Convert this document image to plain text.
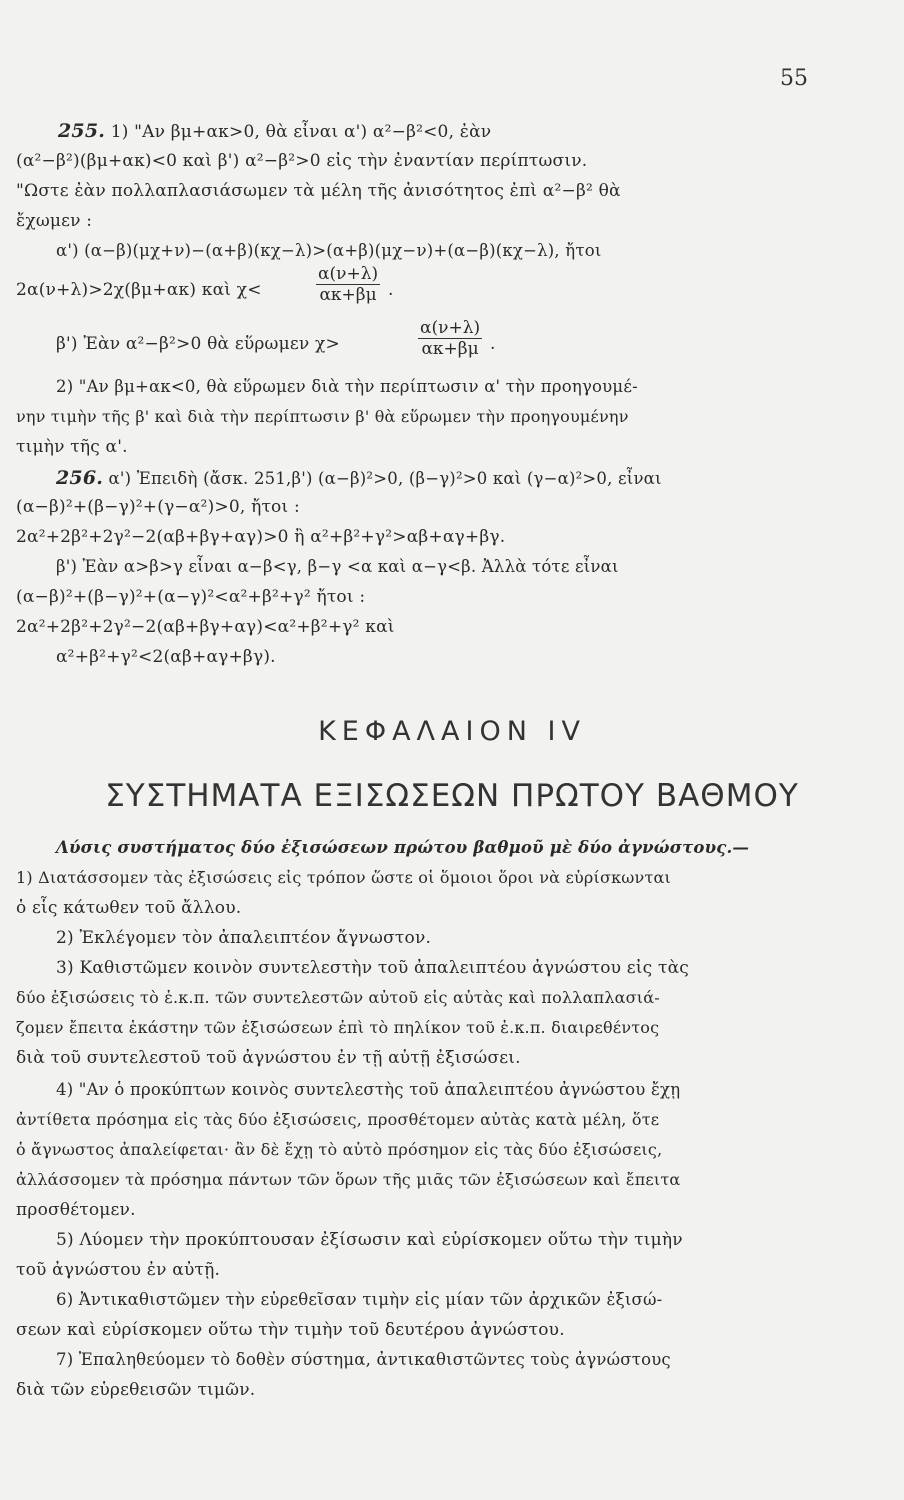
55
255. 1) "Αν βμ+ακ>0, θὰ εἶναι α') α²−β²<0, ἐὰν
(α²−β²)(βμ+ακ)<0 καὶ β') α²−β²>0 εἰς τὴν ἐναντίαν περίπτωσιν.
"Ωστε ἐὰν πολλαπλασιάσωμεν τὰ μέλη τῆς ἀνισότητος ἐπὶ α²−β² θὰ
ἔχωμεν :
α') (α−β)(μχ+ν)−(α+β)(κχ−λ)>(α+β)(μχ−ν)+(α−β)(κχ−λ), ἤτοι
2α(ν+λ)>2χ(βμ+ακ) καὶ χ<	$\frac{\alpha(\nu+\lambda)}{\alpha\kappa+\beta\mu}$ .
β') Ἐὰν α²−β²>0 θὰ εὕρωμεν χ>	$\frac{\alpha(\nu+\lambda)}{\alpha\kappa+\beta\mu}$ .
2) "Αν βμ+ακ<0, θὰ εὕρωμεν διὰ τὴν περίπτωσιν α' τὴν προηγουμέ-
νην τιμὴν τῆς β' καὶ διὰ τὴν περίπτωσιν β' θὰ εὕρωμεν τὴν προηγουμένην
τιμὴν τῆς α'.
256. α') Ἐπειδὴ (ἄσκ. 251,β') (α−β)²>0, (β−γ)²>0 καὶ (γ−α)²>0, εἶναι
(α−β)²+(β−γ)²+(γ−α²)>0, ἤτοι :
2α²+2β²+2γ²−2(αβ+βγ+αγ)>0 ἢ α²+β²+γ²>αβ+αγ+βγ.
β') Ἐὰν α>β>γ εἶναι α−β<γ, β−γ <α καὶ α−γ<β. Ἀλλὰ τότε εἶναι
(α−β)²+(β−γ)²+(α−γ)²<α²+β²+γ² ἤτοι :
2α²+2β²+2γ²−2(αβ+βγ+αγ)<α²+β²+γ² καὶ
α²+β²+γ²<2(αβ+αγ+βγ).
ΚΕΦΑΛΑΙΟΝ IV
ΣΥΣΤΗΜΑΤΑ ΕΞΙΣΩΣΕΩΝ ΠΡΩΤΟΥ ΒΑΘΜΟΥ
Λύσις συστήματος δύο ἐξισώσεων πρώτου βαθμοῦ μὲ δύο ἀγνώστους.—
1) Διατάσσομεν τὰς ἐξισώσεις εἰς τρόπον ὥστε οἱ ὅμοιοι ὅροι νὰ εὑρίσκωνται
ὁ εἷς κάτωθεν τοῦ ἄλλου.
2) Ἐκλέγομεν τὸν ἀπαλειπτέον ἄγνωστον.
3) Καθιστῶμεν κοινὸν συντελεστὴν τοῦ ἀπαλειπτέου ἀγνώστου εἰς τὰς
δύο ἐξισώσεις τὸ ἐ.κ.π. τῶν συντελεστῶν αὐτοῦ εἰς αὐτὰς καὶ πολλαπλασιά-
ζομεν ἔπειτα ἑκάστην τῶν ἐξισώσεων ἐπὶ τὸ πηλίκον τοῦ ἐ.κ.π. διαιρεθέντος
διὰ τοῦ συντελεστοῦ τοῦ ἀγνώστου ἐν τῇ αὐτῇ ἐξισώσει.
4) "Αν ὁ προκύπτων κοινὸς συντελεστὴς τοῦ ἀπαλειπτέου ἀγνώστου ἔχῃ
ἀντίθετα πρόσημα εἰς τὰς δύο ἐξισώσεις, προσθέτομεν αὐτὰς κατὰ μέλη, ὅτε
ὁ ἄγνωστος ἀπαλείφεται· ἂν δὲ ἔχῃ τὸ αὐτὸ πρόσημον εἰς τὰς δύο ἐξισώσεις,
ἀλλάσσομεν τὰ πρόσημα πάντων τῶν ὅρων τῆς μιᾶς τῶν ἐξισώσεων καὶ ἔπειτα
προσθέτομεν.
5) Λύομεν τὴν προκύπτουσαν ἐξίσωσιν καὶ εὑρίσκομεν οὕτω τὴν τιμὴν
τοῦ ἀγνώστου ἐν αὐτῇ.
6) Ἀντικαθιστῶμεν τὴν εὑρεθεῖσαν τιμὴν εἰς μίαν τῶν ἀρχικῶν ἐξισώ-
σεων καὶ εὑρίσκομεν οὕτω τὴν τιμὴν τοῦ δευτέρου ἀγνώστου.
7) Ἐπαληθεύομεν τὸ δοθὲν σύστημα, ἀντικαθιστῶντες τοὺς ἀγνώστους
διὰ τῶν εὑρεθεισῶν τιμῶν.
